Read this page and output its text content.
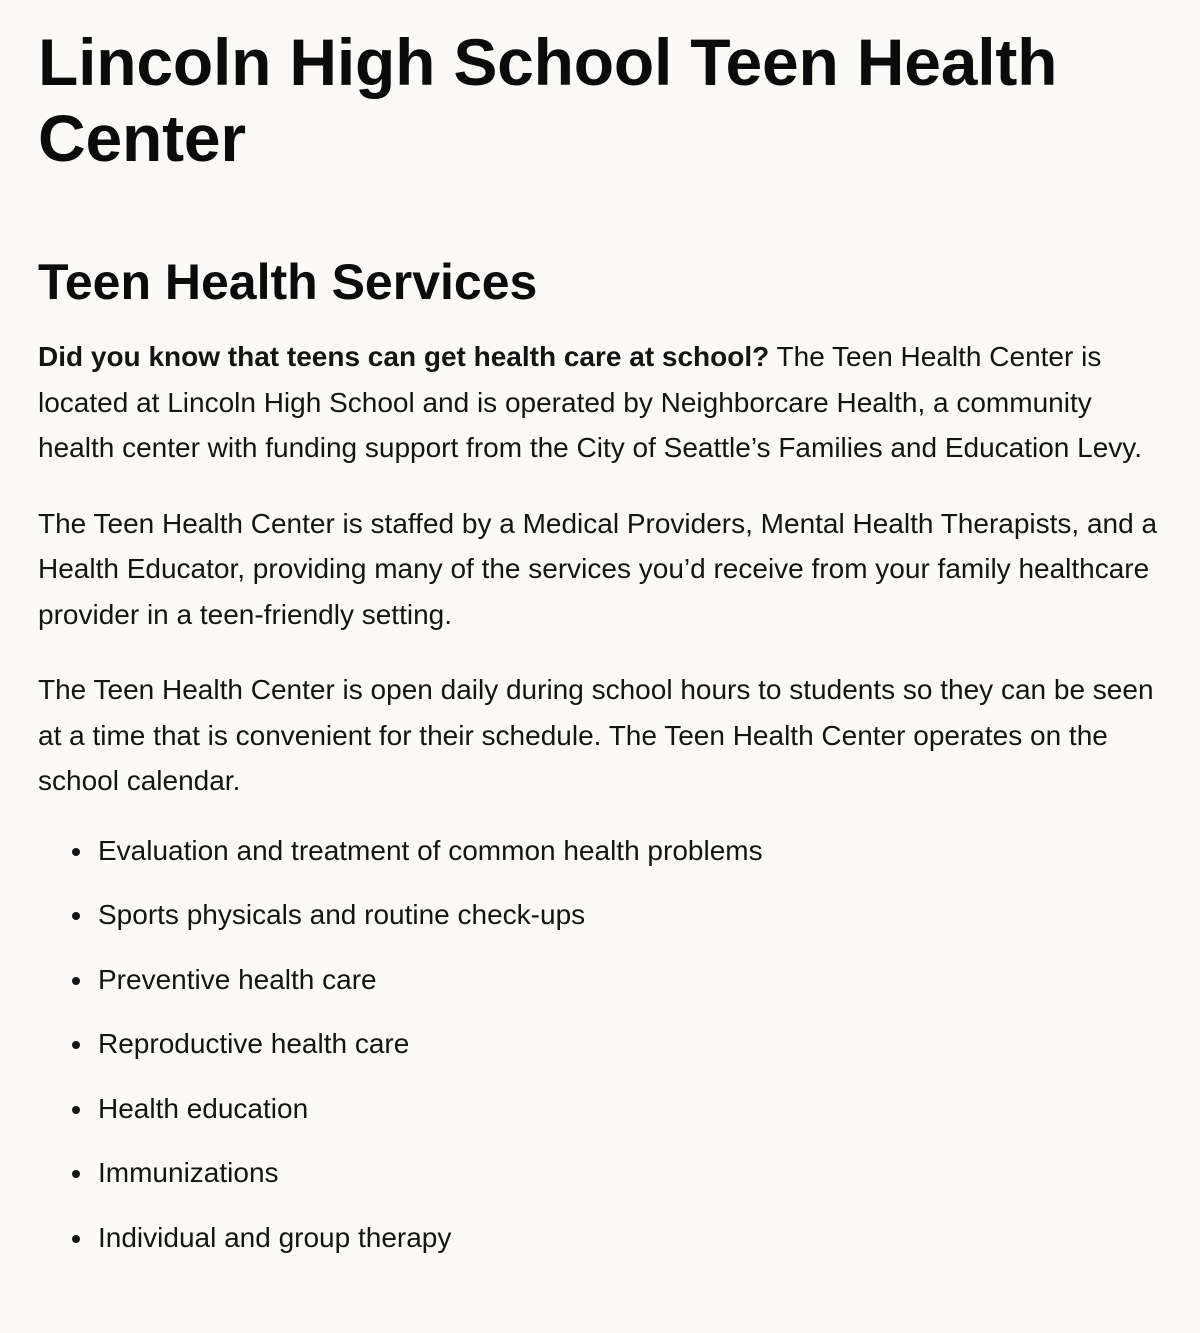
Lincoln High School Teen Health Center
Teen Health Services

Did you know that teens can get health care at school? The Teen Health Center is located at Lincoln High School and is operated by Neighborcare Health, a community health center with funding support from the City of Seattle’s Families and Education Levy.

The Teen Health Center is staffed by a Medical Providers, Mental Health Therapists, and a Health Educator, providing many of the services you’d receive from your family healthcare provider in a teen-friendly setting.

The Teen Health Center is open daily during school hours to students so they can be seen at a time that is convenient for their schedule. The Teen Health Center operates on the school calendar.

Evaluation and treatment of common health problems
Sports physicals and routine check-ups
Preventive health care
Reproductive health care
Health education
Immunizations
Individual and group therapy
